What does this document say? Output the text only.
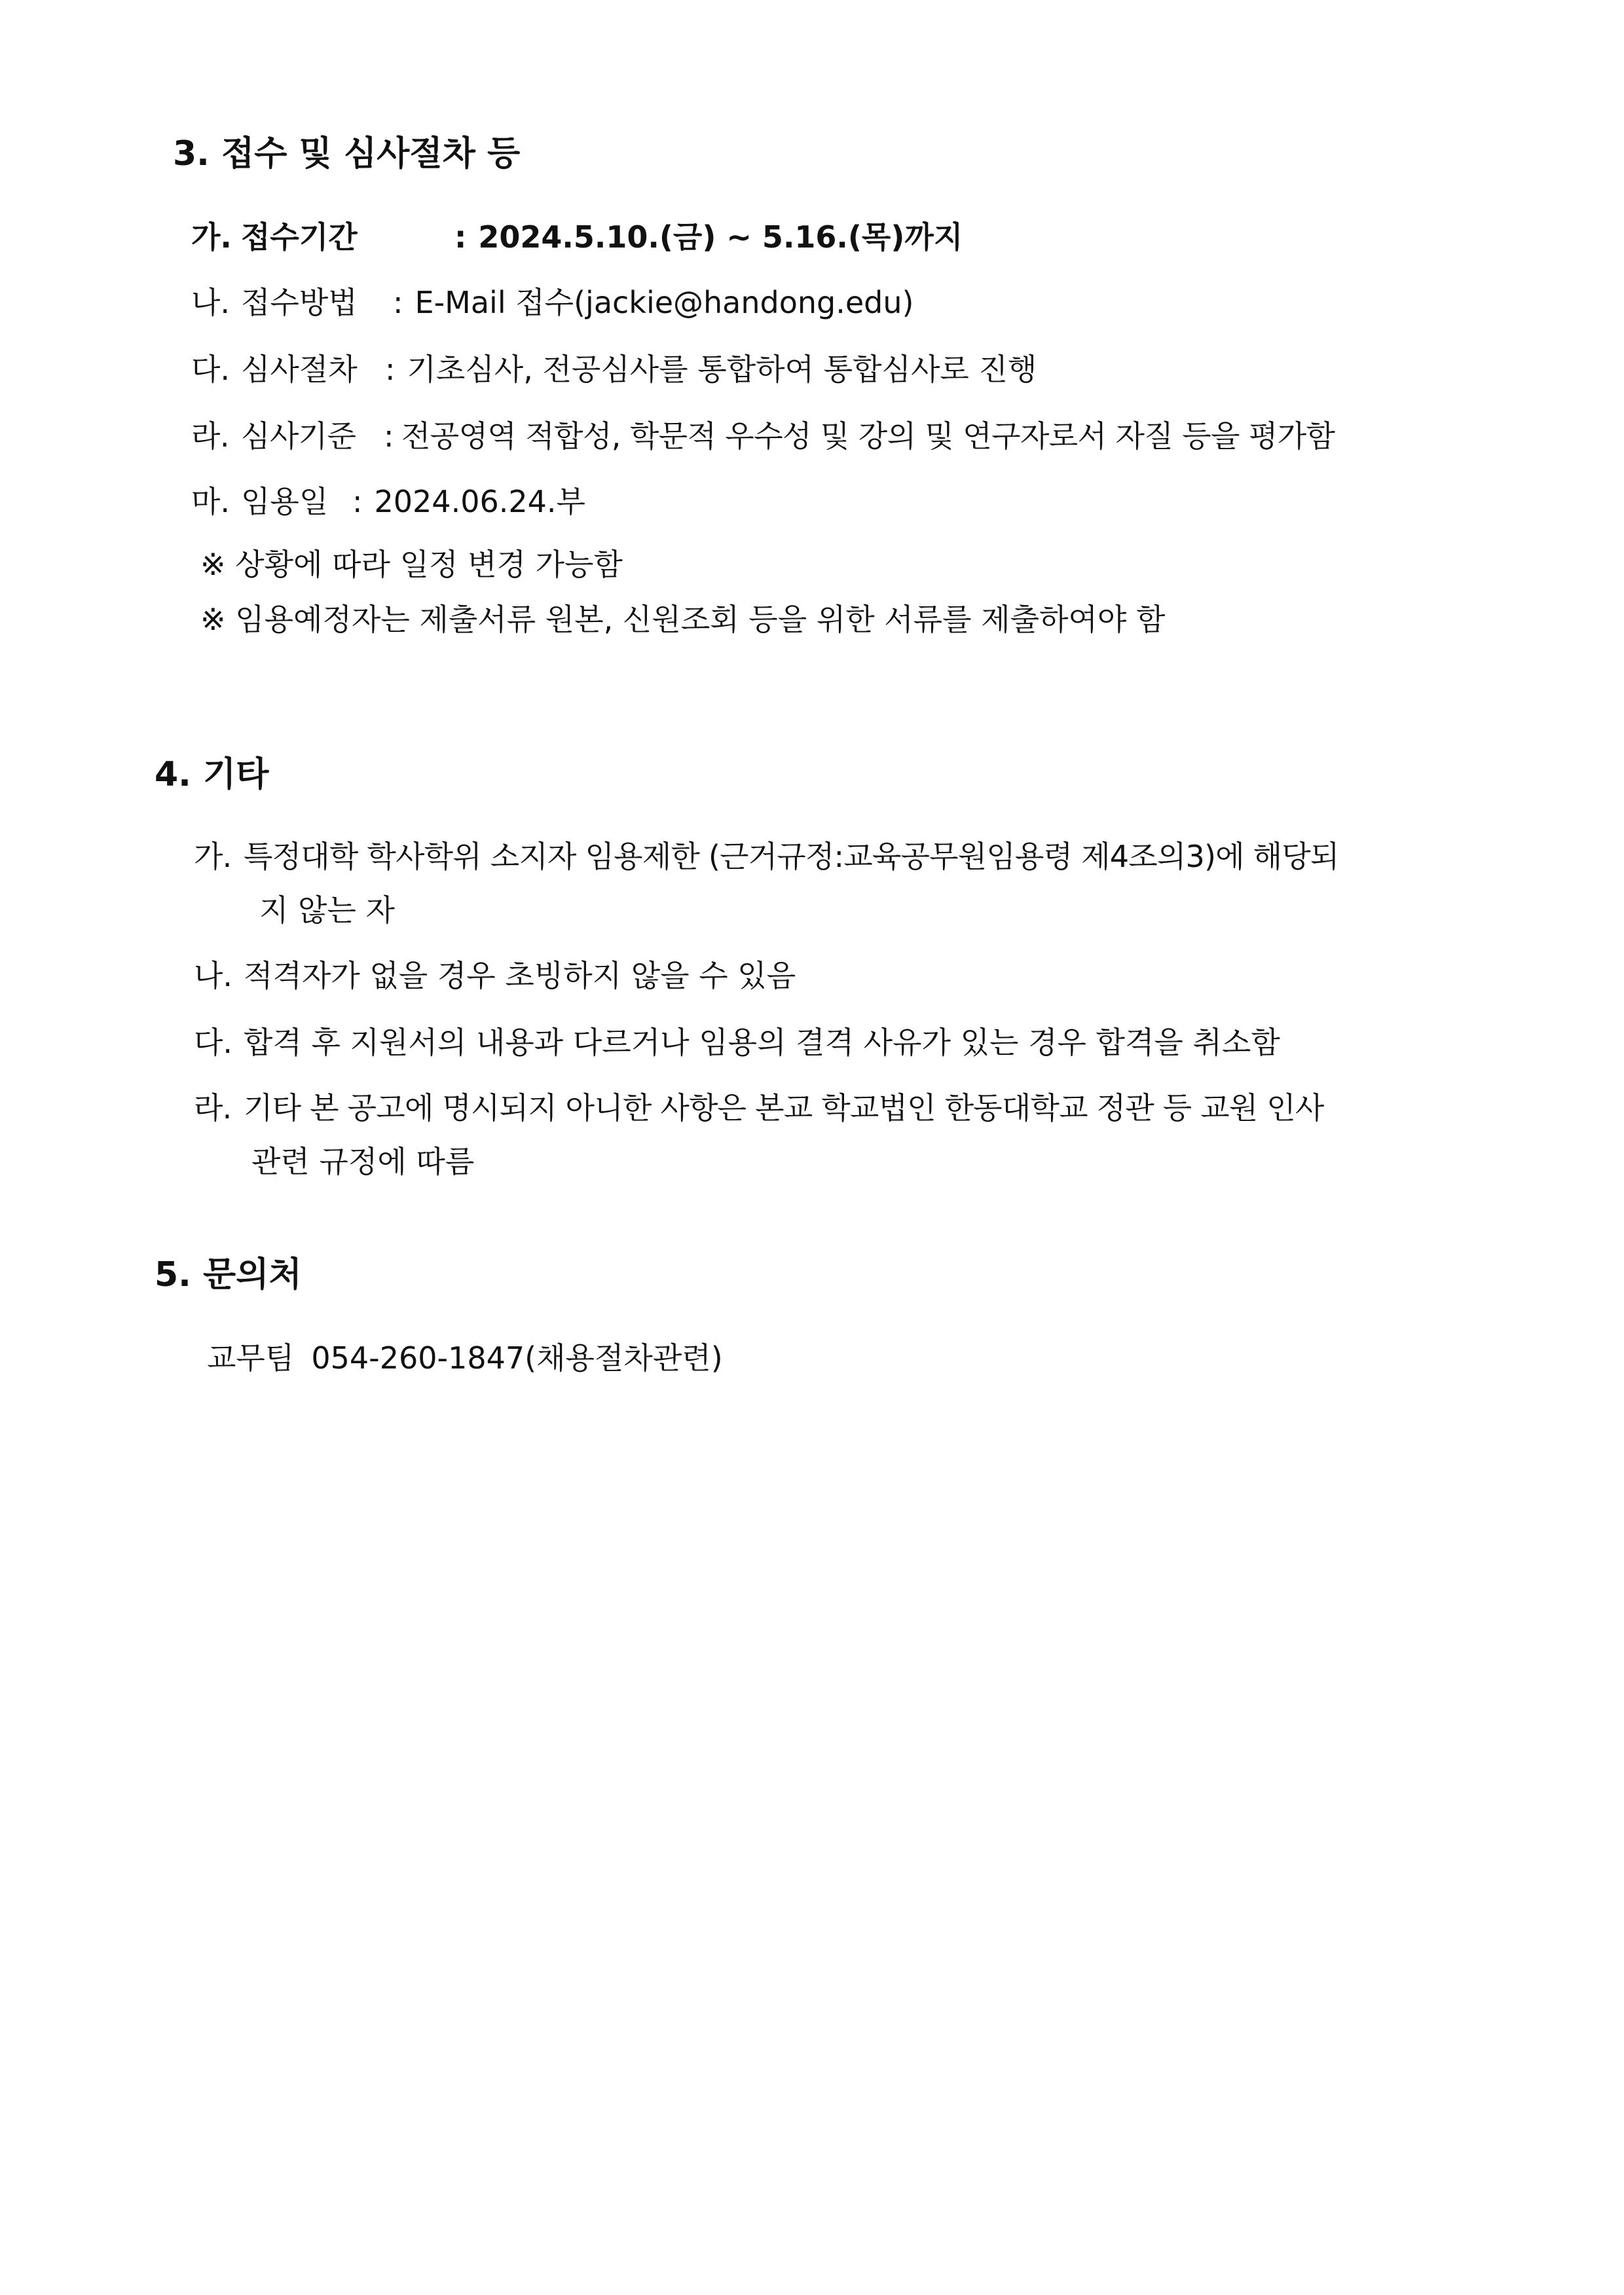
3. 접수 및 심사절차 등
가. 접수기간	: 2024.5.10.(금) ~ 5.16.(목)까지
나. 접수방법 : E-Mail 접수(jackie@handong.edu)
다. 심사절차 : 기초심사, 전공심사를 통합하여 통합심사로 진행
라. 심사기준 : 전공영역 적합성, 학문적 우수성 및 강의 및 연구자로서 자질 등을 평가함
마. 임용일 : 2024.06.24.부
※ 상황에 따라 일정 변경 가능함
※ 임용예정자는 제출서류 원본, 신원조회 등을 위한 서류를 제출하여야 함
4. 기타
가. 특정대학 학사학위 소지자 임용제한 (근거규정:교육공무원임용령 제4조의3)에 해당되
지 않는 자
나. 적격자가 없을 경우 초빙하지 않을 수 있음
다. 합격 후 지원서의 내용과 다르거나 임용의 결격 사유가 있는 경우 합격을 취소함
라. 기타 본 공고에 명시되지 아니한 사항은 본교 학교법인 한동대학교 정관 등 교원 인사
관련 규정에 따름
5. 문의처
교무팀 054-260-1847(채용절차관련)
